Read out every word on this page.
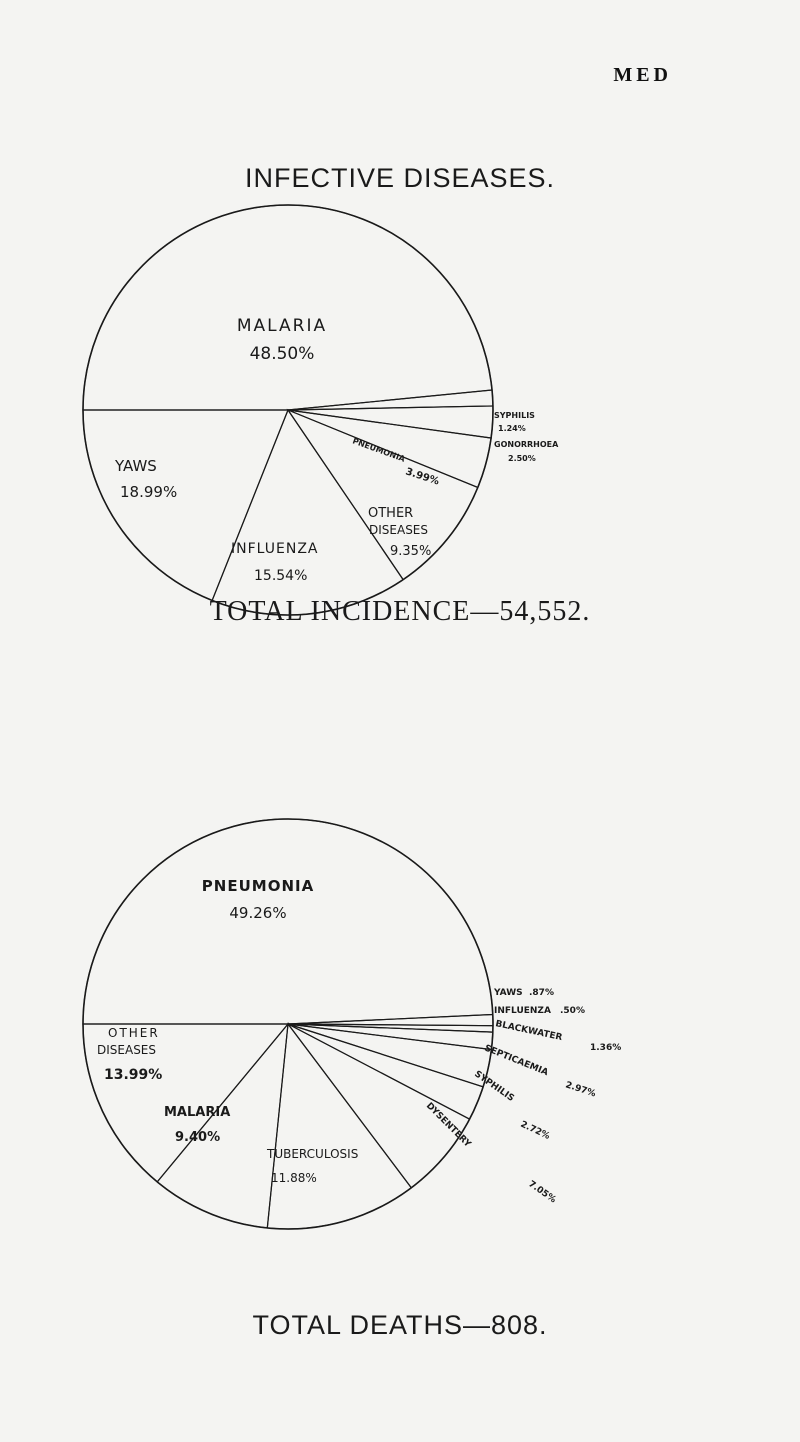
MED
INFECTIVE DISEASES.
MALARIA
48.50%
SYPHILIS
1.24%
GONORRHOEA
2.50%
PNEUMONIA
3.99%
OTHER
DISEASES
9.35%
INFLUENZA
15.54%
YAWS
18.99%
TOTAL INCIDENCE—54,552.
PNEUMONIA
49.26%
YAWS .87%
INFLUENZA .50%
BLACKWATER
1.36%
SEPTICAEMIA
2.97%
SYPHILIS
2.72%
DYSENTERY
7.05%
TUBERCULOSIS
11.88%
MALARIA
9.40%
OTHER
DISEASES
13.99%
TOTAL DEATHS—808.
